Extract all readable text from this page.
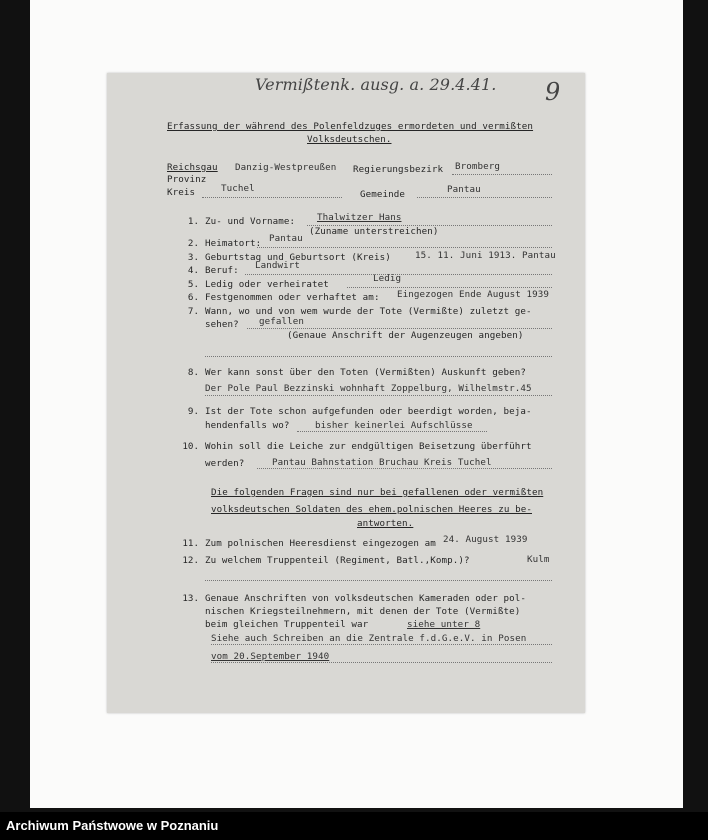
Vermißtenk. ausg. a. 29.4.41. 9
Erfassung der während des Polenfeldzuges ermordeten und vermißten
Volksdeutschen.
Reichsgau Danzig-Westpreußen Regierungsbezirk Bromberg
Provinz
Kreis	Tuchel
Gemeinde	Pantau
1. Zu- und Vorname: Thalwitzer Hans
(Zuname unterstreichen)
2. Heimatort: Pantau
3. Geburtstag und Geburtsort (Kreis)	15. 11. Juni 1913. Pantau
4. Beruf: Landwirt
5. Ledig oder verheiratet
Ledig
6. Festgenommen oder verhaftet am: Eingezogen Ende August 1939
7. Wann, wo und von wem wurde der Tote (Vermißte) zuletzt ge-
sehen? gefallen
(Genaue Anschrift der Augenzeugen angeben)
8. Wer kann sonst über den Toten (Vermißten) Auskunft geben?
Der Pole Paul Bezzinski wohnhaft Zoppelburg, Wilhelmstr.45
9. Ist der Tote schon aufgefunden oder beerdigt worden, beja-
hendenfalls wo?	bisher keinerlei Aufschlüsse
10. Wohin soll die Leiche zur endgültigen Beisetzung überführt
werden?	Pantau Bahnstation Bruchau Kreis Tuchel
Die folgenden Fragen sind nur bei gefallenen oder vermißten
volksdeutschen Soldaten des ehem.polnischen Heeres zu be-
antworten.
11. Zum polnischen Heeresdienst eingezogen am 24. August 1939
12. Zu welchem Truppenteil (Regiment, Batl.,Komp.)?	Kulm
13. Genaue Anschriften von volksdeutschen Kameraden oder pol-
nischen Kriegsteilnehmern, mit denen der Tote (Vermißte)
beim gleichen Truppenteil war	siehe unter 8
Siehe auch Schreiben an die Zentrale f.d.G.e.V. in Posen
vom 20.September 1940
Archiwum Państwowe w Poznaniu
